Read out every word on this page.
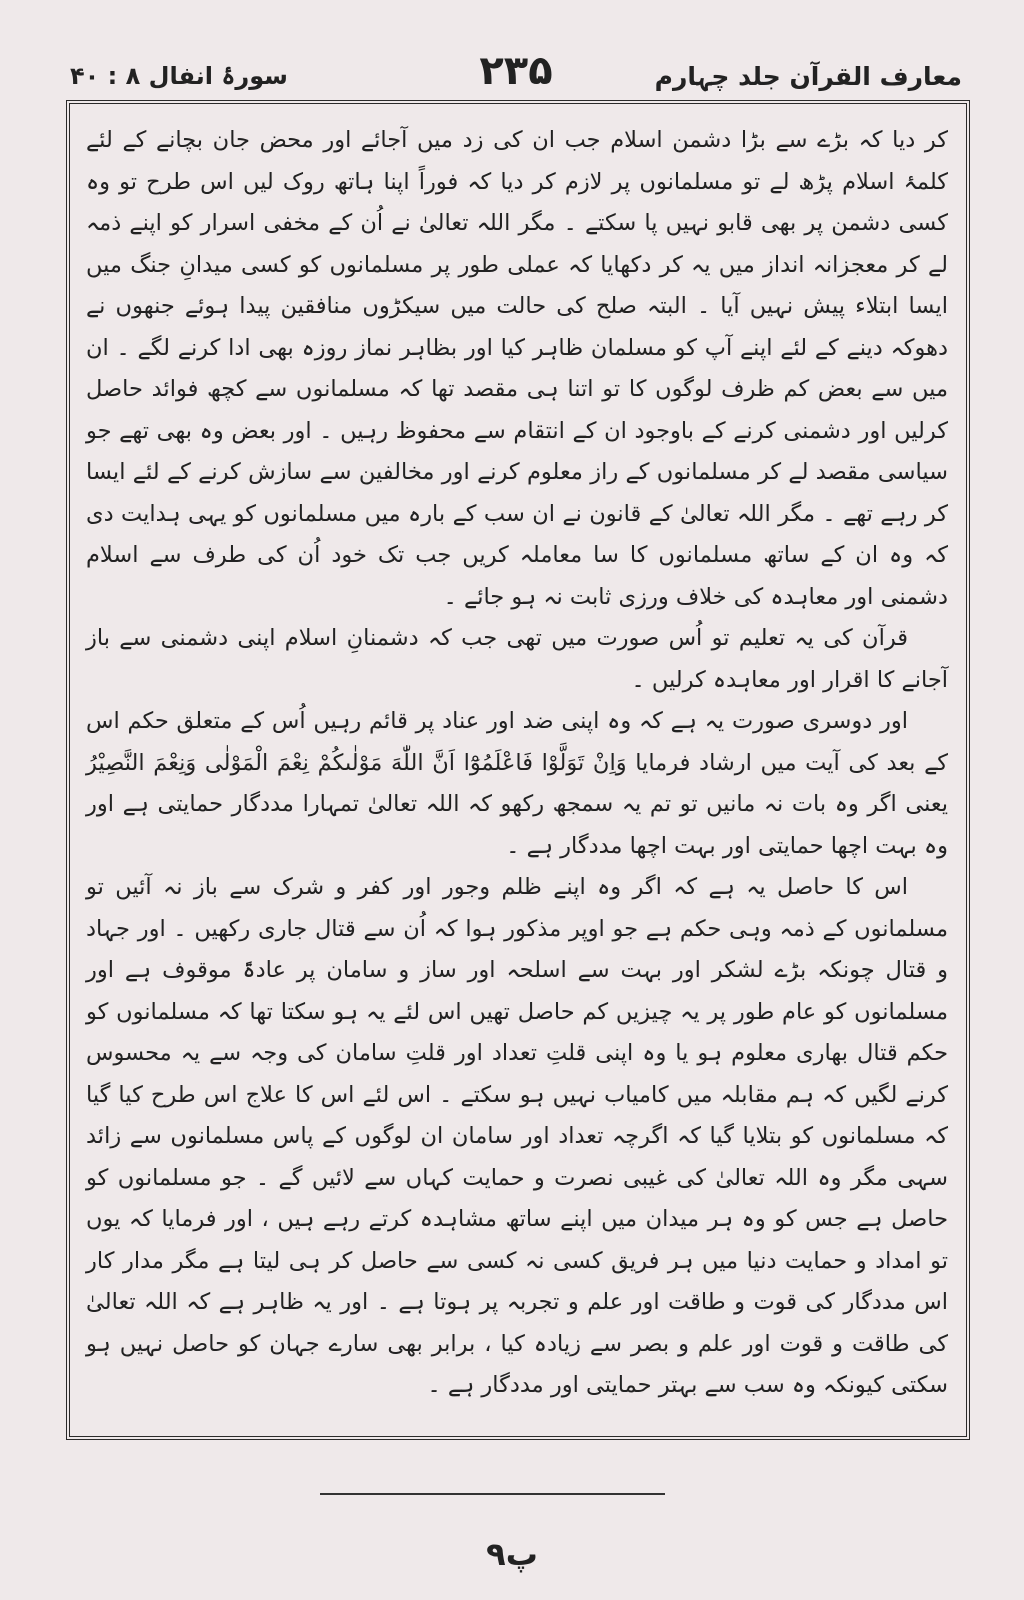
معارف القرآن جلد چہارم
۲۳۵
سورۂ انفال ۸ : ۴۰

کر دیا کہ بڑے سے بڑا دشمن اسلام جب ان کی زد میں آجائے اور محض جان بچانے کے لئے کلمۂ اسلام پڑھ لے تو مسلمانوں پر لازم کر دیا کہ فوراً اپنا ہاتھ روک لیں اس طرح تو وہ کسی دشمن پر بھی قابو نہیں پا سکتے ۔ مگر اللہ تعالیٰ نے اُن کے مخفی اسرار کو اپنے ذمہ لے کر معجزانہ انداز میں یہ کر دکھایا کہ عملی طور پر مسلمانوں کو کسی میدانِ جنگ میں ایسا ابتلاء پیش نہیں آیا ۔ البتہ صلح کی حالت میں سیکڑوں منافقین پیدا ہوئے جنھوں نے دھوکہ دینے کے لئے اپنے آپ کو مسلمان ظاہر کیا اور بظاہر نماز روزہ بھی ادا کرنے لگے ۔ ان میں سے بعض کم ظرف لوگوں کا تو اتنا ہی مقصد تھا کہ مسلمانوں سے کچھ فوائد حاصل کرلیں اور دشمنی کرنے کے باوجود ان کے انتقام سے محفوظ رہیں ۔ اور بعض وہ بھی تھے جو سیاسی مقصد لے کر مسلمانوں کے راز معلوم کرنے اور مخالفین سے سازش کرنے کے لئے ایسا کر رہے تھے ۔ مگر اللہ تعالیٰ کے قانون نے ان سب کے بارہ میں مسلمانوں کو یہی ہدایت دی کہ وہ ان کے ساتھ مسلمانوں کا سا معاملہ کریں جب تک خود اُن کی طرف سے اسلام دشمنی اور معاہدہ کی خلاف ورزی ثابت نہ ہو جائے ۔

قرآن کی یہ تعلیم تو اُس صورت میں تھی جب کہ دشمنانِ اسلام اپنی دشمنی سے باز آجانے کا اقرار اور معاہدہ کرلیں ۔

اور دوسری صورت یہ ہے کہ وہ اپنی ضد اور عناد پر قائم رہیں اُس کے متعلق حکم اس کے بعد کی آیت میں ارشاد فرمایا وَاِنْ تَوَلَّوْا فَاعْلَمُوْٓا اَنَّ اللّٰهَ مَوْلٰىكُمْ نِعْمَ الْمَوْلٰى وَنِعْمَ النَّصِيْرُ یعنی اگر وہ بات نہ مانیں تو تم یہ سمجھ رکھو کہ اللہ تعالیٰ تمہارا مددگار حمایتی ہے اور وہ بہت اچھا حمایتی اور بہت اچھا مددگار ہے ۔

اس کا حاصل یہ ہے کہ اگر وہ اپنے ظلم وجور اور کفر و شرک سے باز نہ آئیں تو مسلمانوں کے ذمہ وہی حکم ہے جو اوپر مذکور ہوا کہ اُن سے قتال جاری رکھیں ۔ اور جہاد و قتال چونکہ بڑے لشکر اور بہت سے اسلحہ اور ساز و سامان پر عادۃً موقوف ہے اور مسلمانوں کو عام طور پر یہ چیزیں کم حاصل تھیں اس لئے یہ ہو سکتا تھا کہ مسلمانوں کو حکم قتال بھاری معلوم ہو یا وہ اپنی قلتِ تعداد اور قلتِ سامان کی وجہ سے یہ محسوس کرنے لگیں کہ ہم مقابلہ میں کامیاب نہیں ہو سکتے ۔ اس لئے اس کا علاج اس طرح کیا گیا کہ مسلمانوں کو بتلایا گیا کہ اگرچہ تعداد اور سامان ان لوگوں کے پاس مسلمانوں سے زائد سہی مگر وہ اللہ تعالیٰ کی غیبی نصرت و حمایت کہاں سے لائیں گے ۔ جو مسلمانوں کو حاصل ہے جس کو وہ ہر میدان میں اپنے ساتھ مشاہدہ کرتے رہے ہیں ، اور فرمایا کہ یوں تو امداد و حمایت دنیا میں ہر فریق کسی نہ کسی سے حاصل کر ہی لیتا ہے مگر مدار کار اس مددگار کی قوت و طاقت اور علم و تجربہ پر ہوتا ہے ۔ اور یہ ظاہر ہے کہ اللہ تعالیٰ کی طاقت و قوت اور علم و بصر سے زیادہ کیا ، برابر بھی سارے جہان کو حاصل نہیں ہو سکتی کیونکہ وہ سب سے بہتر حمایتی اور مددگار ہے ۔

۹پ
